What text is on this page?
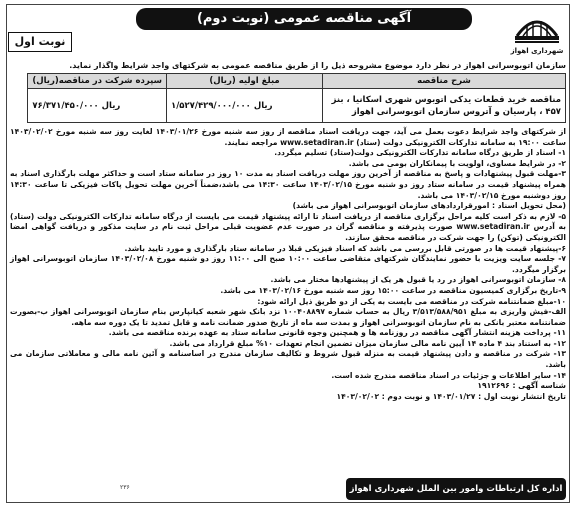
شهرداری اهواز
آگهی مناقصه عمومی (نوبت دوم)
نوبت اول
سازمان اتوبوسرانی اهواز در نظر دارد موضوع مشروحه ذیل را از طریق مناقصه عمومی به شرکتهای واجد شرایط واگذار نماید.
شرح مناقصه	مبلغ اولیه (ریال)	سپرده شرکت در مناقصه(ریال)
مناقصه خرید قطعات یدکی اتوبوس شهری اسکانیا ، بنز ۴۵۷ ، پارسیان و آتروس سازمان اتوبوسرانی اهواز	۱/۵۲۷/۴۲۹/۰۰۰/۰۰۰ ریال	۷۶/۳۷۱/۴۵۰/۰۰۰ ریال

از شرکتهای واجد شرایط دعوت بعمل می آید، جهت دریافت اسناد مناقصه از روز سه شنبه مورخ ۱۴۰۳/۰۱/۲۶ لغایت روز سه شنبه مورخ ۱۴۰۳/۰۲/۰۲ ساعت ۱۹:۰۰ به سامانه تدارکات الکترونیکی دولت (ستاد) www.setadiran.ir مراجعه نمایند.

۱- اسناد از طریق درگاه سامانه تدارکات الکترونیکی دولت(ستاد) تسلیم میگردد.

۲- در شرایط مساوی، اولویت با پیمانکاران بومی می باشد.

۳-مهلت قبول پیشنهادات و پاسخ به مناقصه از آخرین روز مهلت دریافت اسناد به مدت ۱۰ روز در سامانه ستاد است و حداکثر مهلت بارگذاری اسناد به همراه پیشنهاد قیمت در سامانه ستاد روز دو شنبه مورخ ۱۴۰۳/۰۲/۱۵ ساعت ۱۴:۳۰ می باشد،ضمناً آخرین مهلت تحویل پاکات فیزیکی تا ساعت ۱۴:۳۰ روز دوشنبه مورخ ۱۴۰۳/۰۲/۱۵ می باشد.

(محل تحویل اسناد : امورقراردادهای سازمان اتوبوسرانی اهواز می باشد)

۵- لازم به ذکر است کلیه مراحل برگزاری مناقصه از دریافت اسناد تا ارائه پیشنهاد قیمت می بایست از درگاه سامانه تدارکات الکترونیکی دولت (ستاد) به آدرس www.setadiran.ir صورت پذیرفته و مناقصه گران در صورت عدم عضویت قبلی مراحل ثبت نام در سایت مذکور و دریافت گواهی امضا الکترونیکی (توکن) را جهت شرکت در مناقصه محقق سازند.

۶-پیشنهاد قیمت ها در صورتی قابل بررسی می باشد که اسناد فیزیکی قبلا در سامانه ستاد بارگذاری و مورد تایید باشد.

۷- جلسه سایت ویزیت با حضور نمایندگان شرکتهای متقاضی ساعت ۱۰:۰۰ صبح الی ۱۱:۰۰ روز دو شنبه مورخ ۱۴۰۳/۰۲/۰۸ سازمان اتوبوسرانی اهواز برگزار میگردد.

۸- سازمان اتوبوسرانی اهواز در رد یا قبول هر یک از پیشنهادها مختار می باشد.

۹-تاریخ برگزاری کمیسیون مناقصه در ساعت ۱۵:۰۰ روز سه شنبه مورخ ۱۴۰۳/۰۲/۱۶ می باشد.

۱۰-مبلغ ضمانتنامه شرکت در مناقصه می بایست به یکی از دو طریق ذیل ارائه شود:

الف-فیش واریزی به مبلغ ۳/۵۱۳/۵۸۸/۹۵۱ ریال به حساب شماره ۱۰۰۴۰۸۸۹۷ نزد بانک شهر شعبه کیانپارس بنام سازمان اتوبوسرانی اهواز ب-بصورت ضمانتنامه معتبر بانکی به نام سازمان اتوبوسرانی اهواز و بمدت سه ماه از تاریخ صدور ضمانت نامه و قابل تمدید تا یک دوره سه ماهه.

۱۱- پرداخت هزینه انتشار آگهی مناقصه در روزنامه ها و همچنین وجوه قانونی سامانه ستاد به عهده برنده مناقصه می باشد.

۱۲- به استناد بند ۴ ماده ۱۴ آیین نامه مالی سازمان میزان تضمین انجام تعهدات ۱۰% مبلغ قرارداد می باشد.

۱۳- شرکت در مناقصه و دادن پیشنهاد قیمت به منزله قبول شروط و تکالیف سازمان مندرج در اساسنامه و آئین نامه مالی و معاملاتی سازمان می باشد.

۱۴- سایر اطلاعات و جزئیات در اسناد مناقصه مندرج شده است.

شناسه آگهی : ۱۹۱۲۶۹۶

تاریخ انتشار نوبت اول : ۱۴۰۳/۰۱/۲۷ و نوبت دوم : ۱۴۰۳/۰۲/۰۲

اداره کل ارتباطات وامور بین الملل شهرداری اهواز
۲۳۶
